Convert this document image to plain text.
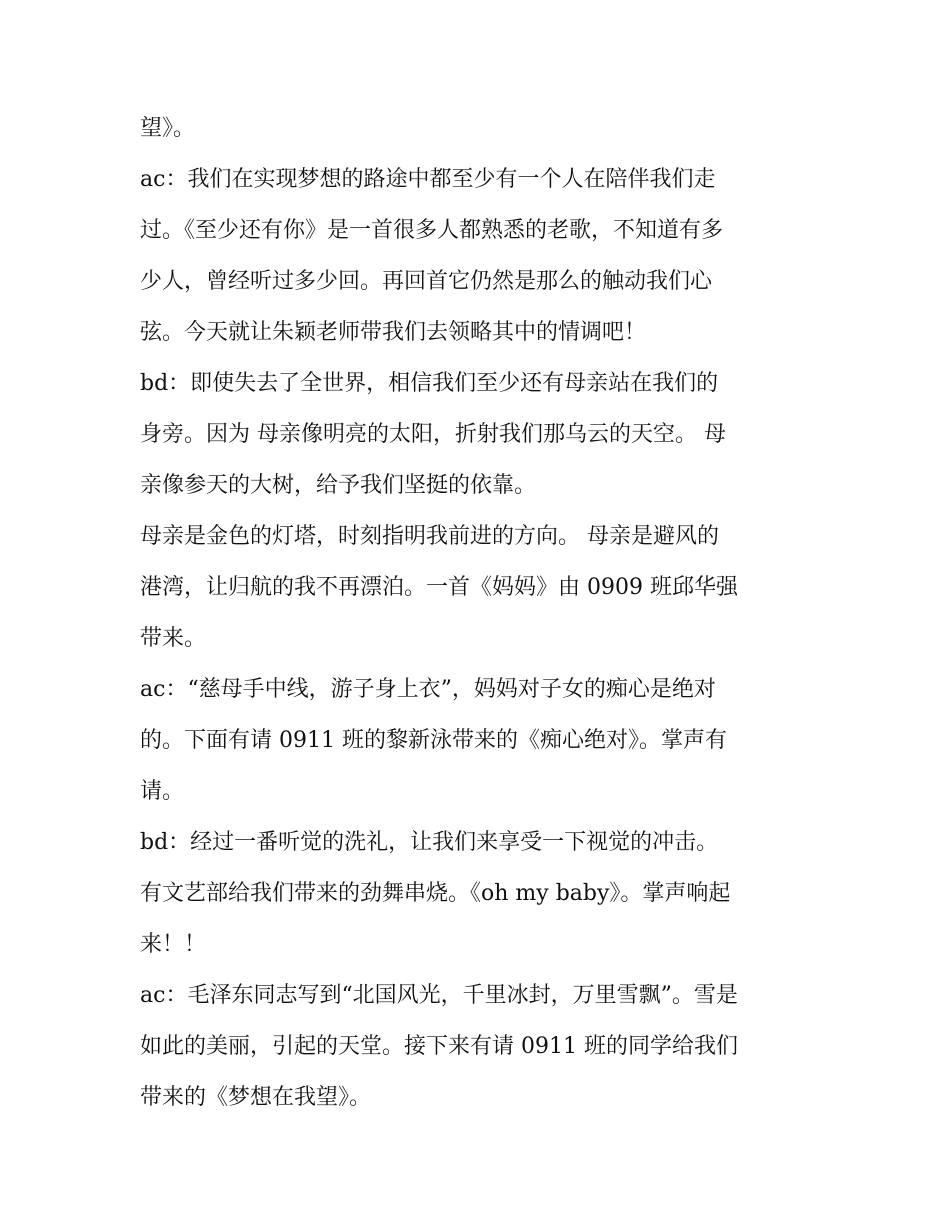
望》。
ac：我们在实现梦想的路途中都至少有一个人在陪伴我们走
过。《至少还有你》是一首很多人都熟悉的老歌，不知道有多
少人，曾经听过多少回。再回首它仍然是那么的触动我们心
弦。今天就让朱颖老师带我们去领略其中的情调吧！
bd：即使失去了全世界，相信我们至少还有母亲站在我们的
身旁。因为 母亲像明亮的太阳，折射我们那乌云的天空。 母
亲像参天的大树，给予我们坚挺的依靠。
母亲是金色的灯塔，时刻指明我前进的方向。 母亲是避风的
港湾，让归航的我不再漂泊。一首《妈妈》由 0909 班邱华强
带来。
ac：“慈母手中线，游子身上衣”，妈妈对子女的痴心是绝对
的。下面有请 0911 班的黎新泳带来的《痴心绝对》。掌声有
请。
bd：经过一番听觉的洗礼，让我们来享受一下视觉的冲击。
有文艺部给我们带来的劲舞串烧。《oh my baby》。掌声响起
来！！
ac：毛泽东同志写到“北国风光，千里冰封，万里雪飘”。雪是
如此的美丽，引起的天堂。接下来有请 0911 班的同学给我们
带来的《梦想在我望》。
